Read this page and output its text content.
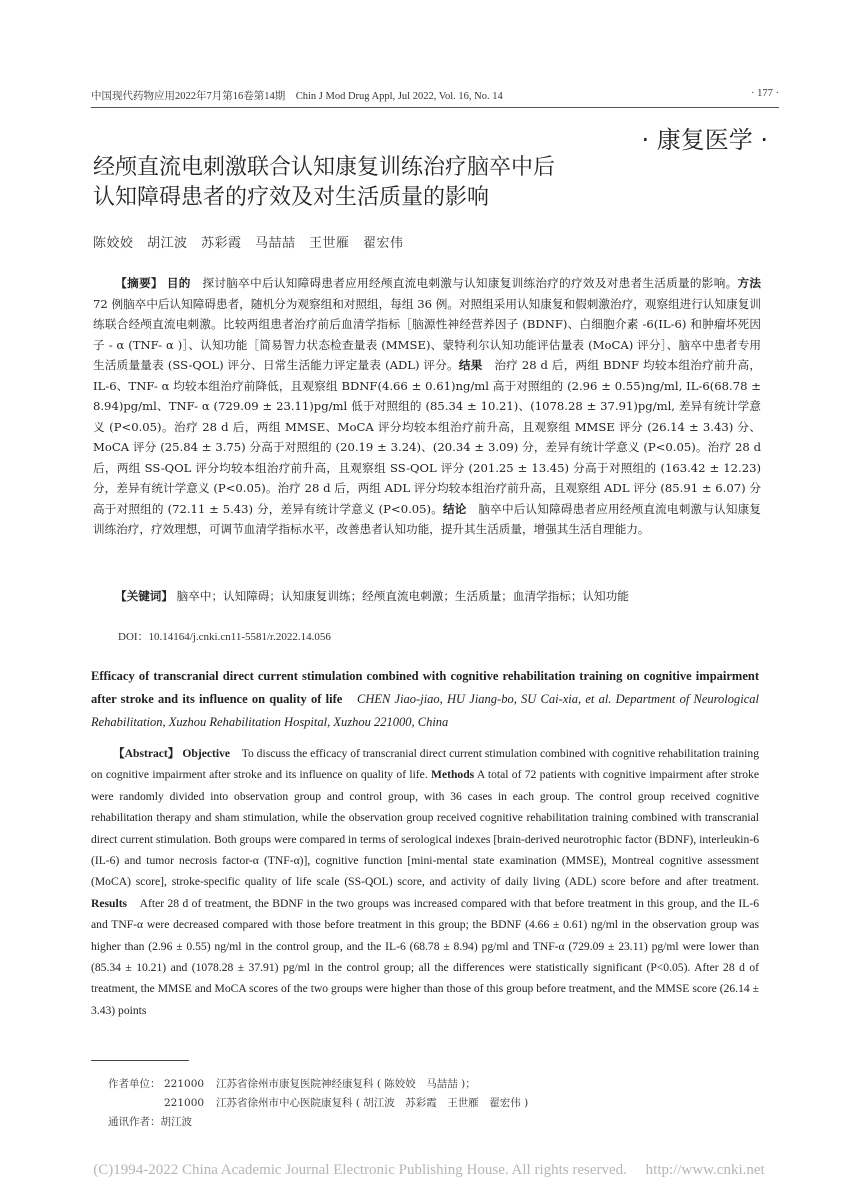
中国现代药物应用2022年7月第16卷第14期　Chin J Mod Drug Appl, Jul 2022, Vol. 16, No. 14	· 177 ·
· 康复医学 ·
经颅直流电刺激联合认知康复训练治疗脑卒中后
认知障碍患者的疗效及对生活质量的影响
陈姣姣　胡江波　苏彩霞　马喆喆　王世雁　翟宏伟
【摘要】 目的　 探讨脑卒中后认知障碍患者应用经颅直流电刺激与认知康复训练治疗的疗效及对患者生活质量的影响。方法　72 例脑卒中后认知障碍患者，随机分为观察组和对照组，每组 36 例。对照组采用认知康复和假刺激治疗，观察组进行认知康复训练联合经颅直流电刺激。比较两组患者治疗前后血清学指标［脑源性神经营养因子 (BDNF)、白细胞介素 -6(IL-6) 和肿瘤坏死因子 - α (TNF- α )］、认知功能［简易智力状态检查量表 (MMSE)、蒙特利尔认知功能评估量表 (MoCA) 评分］、脑卒中患者专用生活质量量表 (SS-QOL) 评分、日常生活能力评定量表 (ADL) 评分。结果　 治疗 28 d 后，两组 BDNF 均较本组治疗前升高，IL-6、TNF- α 均较本组治疗前降低，且观察组 BDNF(4.66 ± 0.61)ng/ml 高于对照组的 (2.96 ± 0.55)ng/ml, IL-6(68.78 ± 8.94)pg/ml、TNF- α (729.09 ± 23.11)pg/ml 低于对照组的 (85.34 ± 10.21)、(1078.28 ± 37.91)pg/ml, 差异有统计学意义 (P<0.05)。治疗 28 d 后，两组 MMSE、MoCA 评分均较本组治疗前升高，且观察组 MMSE 评分 (26.14 ± 3.43) 分、MoCA 评分 (25.84 ± 3.75) 分高于对照组的 (20.19 ± 3.24)、(20.34 ± 3.09) 分，差异有统计学意义 (P<0.05)。治疗 28 d 后，两组 SS-QOL 评分均较本组治疗前升高，且观察组 SS-QOL 评分 (201.25 ± 13.45) 分高于对照组的 (163.42 ± 12.23) 分，差异有统计学意义 (P<0.05)。治疗 28 d 后，两组 ADL 评分均较本组治疗前升高，且观察组 ADL 评分 (85.91 ± 6.07) 分高于对照组的 (72.11 ± 5.43) 分，差异有统计学意义 (P<0.05)。结论　 脑卒中后认知障碍患者应用经颅直流电刺激与认知康复训练治疗，疗效理想，可调节血清学指标水平，改善患者认知功能，提升其生活质量，增强其生活自理能力。
【关键词】 脑卒中；认知障碍；认知康复训练；经颅直流电刺激；生活质量；血清学指标；认知功能
DOI：10.14164/j.cnki.cn11-5581/r.2022.14.056
Efficacy of transcranial direct current stimulation combined with cognitive rehabilitation training on cognitive impairment after stroke and its influence on quality of life　 CHEN Jiao-jiao, HU Jiang-bo, SU Cai-xia, et al. Department of Neurological Rehabilitation, Xuzhou Rehabilitation Hospital, Xuzhou 221000, China
【Abstract】 Objective　 To discuss the efficacy of transcranial direct current stimulation combined with cognitive rehabilitation training on cognitive impairment after stroke and its influence on quality of life. Methods A total of 72 patients with cognitive impairment after stroke were randomly divided into observation group and control group, with 36 cases in each group. The control group received cognitive rehabilitation therapy and sham stimulation, while the observation group received cognitive rehabilitation training combined with transcranial direct current stimulation. Both groups were compared in terms of serological indexes [brain-derived neurotrophic factor (BDNF), interleukin-6 (IL-6) and tumor necrosis factor-α (TNF-α)], cognitive function [mini-mental state examination (MMSE), Montreal cognitive assessment (MoCA) score], stroke-specific quality of life scale (SS-QOL) score, and activity of daily living (ADL) score before and after treatment. Results　 After 28 d of treatment, the BDNF in the two groups was increased compared with that before treatment in this group, and the IL-6 and TNF-α were decreased compared with those before treatment in this group; the BDNF (4.66 ± 0.61) ng/ml in the observation group was higher than (2.96 ± 0.55) ng/ml in the control group, and the IL-6 (68.78 ± 8.94) pg/ml and TNF-α (729.09 ± 23.11) pg/ml were lower than (85.34 ± 10.21) and (1078.28 ± 37.91) pg/ml in the control group; all the differences were statistically significant (P<0.05). After 28 d of treatment, the MMSE and MoCA scores of the two groups were higher than those of this group before treatment, and the MMSE score (26.14 ± 3.43) points
作者单位： 221000 江苏省徐州市康复医院神经康复科 ( 陈姣姣　马喆喆 )；
221000 江苏省徐州市中心医院康复科 ( 胡江波　苏彩霞　王世雁　翟宏伟 )
通讯作者：胡江波
(C)1994-2022 China Academic Journal Electronic Publishing House. All rights reserved.　 http://www.cnki.net
